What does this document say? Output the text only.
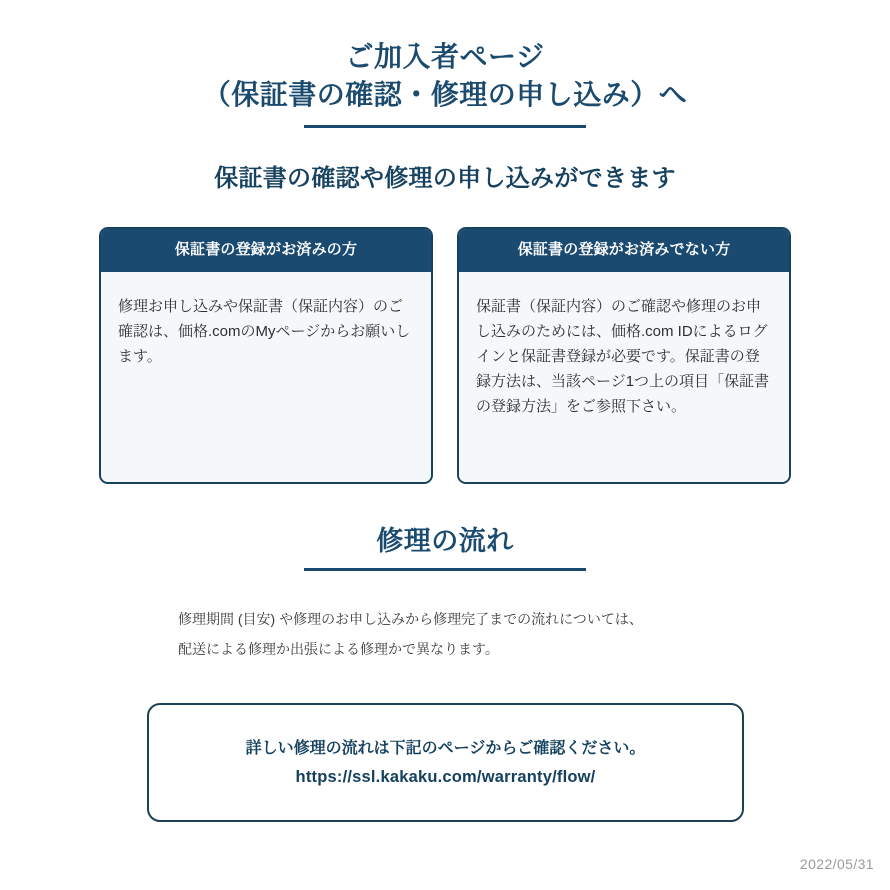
ご加入者ページ
（保証書の確認・修理の申し込み）へ
保証書の確認や修理の申し込みができます
保証書の登録がお済みの方

修理お申し込みや保証書（保証内容）のご確認は、価格.comのMyページからお願いします。

保証書の登録がお済みでない方

保証書（保証内容）のご確認や修理のお申し込みのためには、価格.com IDによるログインと保証書登録が必要です。保証書の登録方法は、当該ページ1つ上の項目「保証書の登録方法」をご参照下さい。

修理の流れ

修理期間 (目安) や修理のお申し込みから修理完了までの流れについては、

配送による修理か出張による修理かで異なります。

詳しい修理の流れは下記のページからご確認ください。
https://ssl.kakaku.com/warranty/flow/
2022/05/31
